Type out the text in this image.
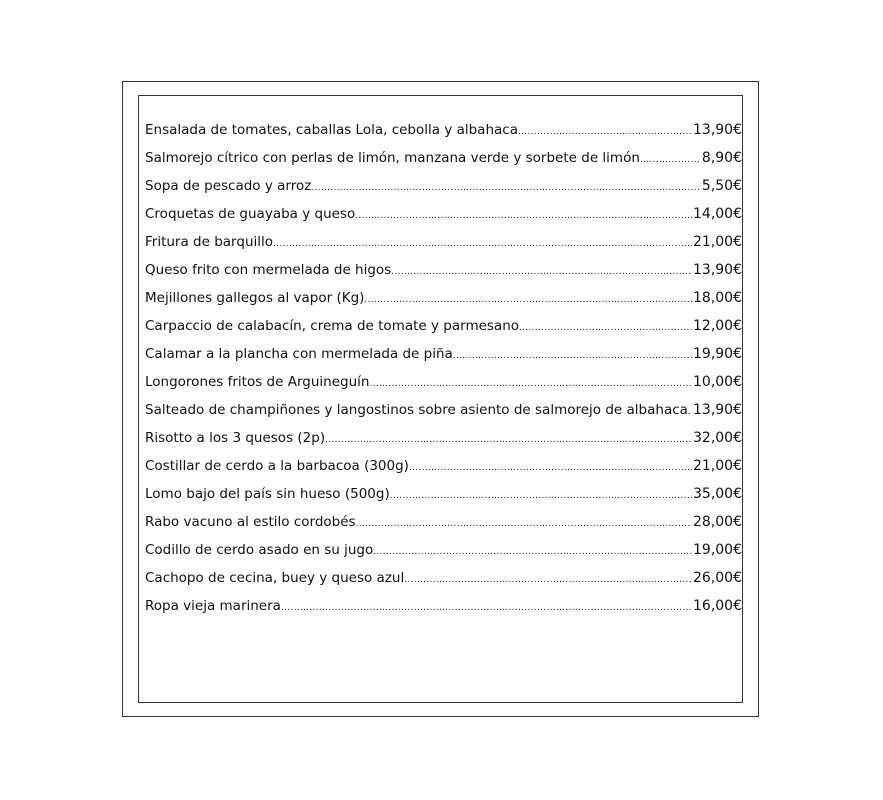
Ensalada de tomates, caballas Lola, cebolla y albahaca .....	13,90€
Salmorejo cítrico con perlas de limón, manzana verde y sorbete de limón .....	8,90€
Sopa de pescado y arroz .....	5,50€
Croquetas de guayaba y queso .....	14,00€
Fritura de barquillo .....	21,00€
Queso frito con mermelada de higos .....	13,90€
Mejillones gallegos al vapor (Kg) .....	18,00€
Carpaccio de calabacín, crema de tomate y parmesano .....	12,00€
Calamar a la plancha con mermelada de piña .....	19,90€
Longorones fritos de Arguineguín .....	10,00€
Salteado de champiñones y langostinos sobre asiento de salmorejo de albahaca ..... 13,90€
Risotto a los 3 quesos (2p) .....	32,00€
Costillar de cerdo a la barbacoa (300g) .....	21,00€
Lomo bajo del país sin hueso (500g) .....	35,00€
Rabo vacuno al estilo cordobés .....	28,00€
Codillo de cerdo asado en su jugo .....	19,00€
Cachopo de cecina, buey y queso azul .....	26,00€
Ropa vieja marinera .....	16,00€
